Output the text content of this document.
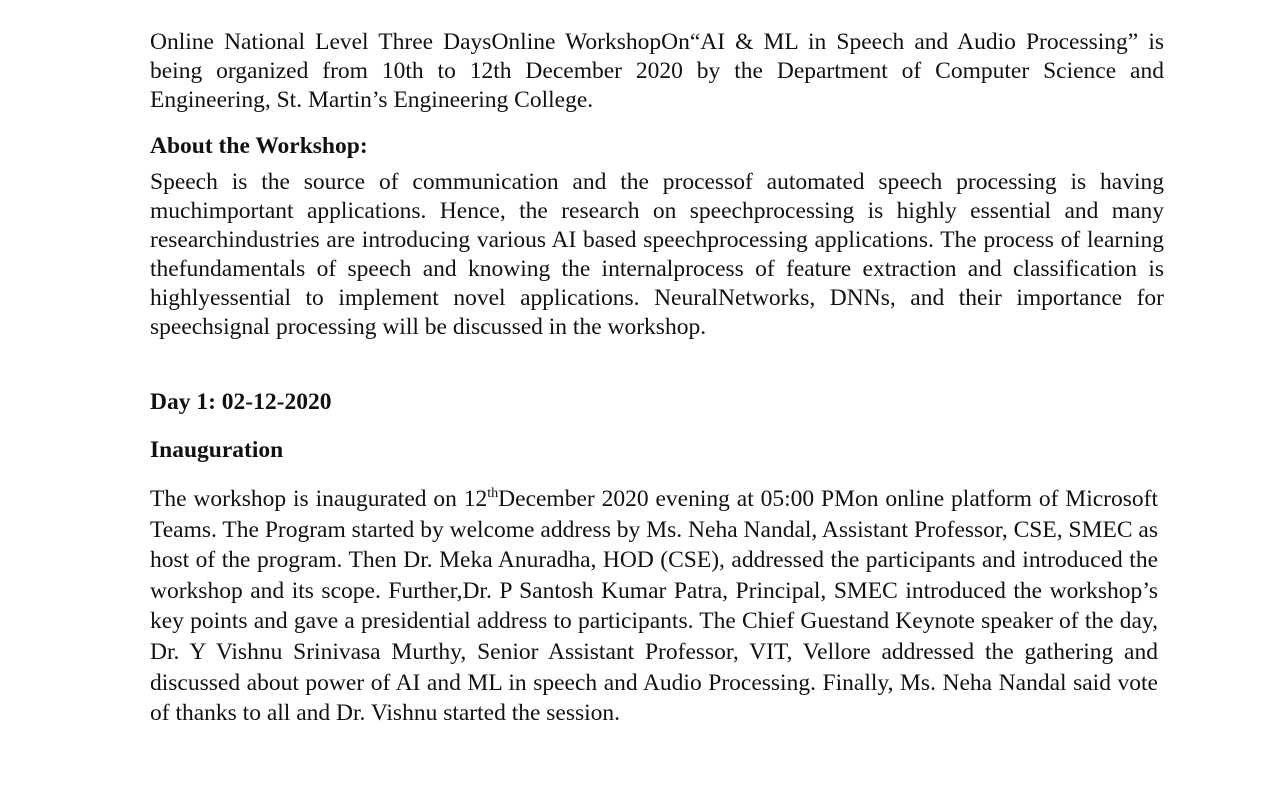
Online National Level Three DaysOnline WorkshopOn“AI & ML in Speech and Audio Processing” is being organized from 10th to 12th December 2020 by the Department of Computer Science and Engineering, St. Martin’s Engineering College.

About the Workshop:

Speech is the source of communication and the processof automated speech processing is having muchimportant applications. Hence, the research on speechprocessing is highly essential and many researchindustries are introducing various AI based speechprocessing applications. The process of learning thefundamentals of speech and knowing the internalprocess of feature extraction and classification is highlyessential to implement novel applications. NeuralNetworks, DNNs, and their importance for speechsignal processing will be discussed in the workshop.

Day 1: 02-12-2020
Inauguration

The workshop is inaugurated on 12thDecember 2020 evening at 05:00 PMon online platform of Microsoft Teams. The Program started by welcome address by Ms. Neha Nandal, Assistant Professor, CSE, SMEC as host of the program. Then Dr. Meka Anuradha, HOD (CSE), addressed the participants and introduced the workshop and its scope. Further,Dr. P Santosh Kumar Patra, Principal, SMEC introduced the workshop’s key points and gave a presidential address to participants. The Chief Guestand Keynote speaker of the day, Dr. Y Vishnu Srinivasa Murthy, Senior Assistant Professor, VIT, Vellore addressed the gathering and discussed about power of AI and ML in speech and Audio Processing. Finally, Ms. Neha Nandal said vote of thanks to all and Dr. Vishnu started the session.
